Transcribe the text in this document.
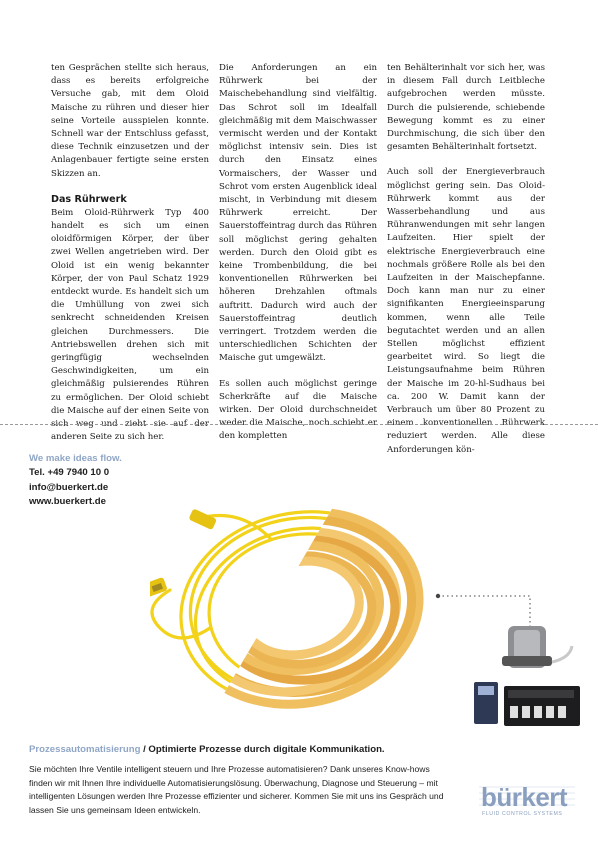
ten Gesprächen stellte sich heraus, dass es bereits erfolgreiche Versuche gab, mit dem Oloid Maische zu rühren und dieser hier seine Vorteile ausspielen konnte. Schnell war der Entschluss gefasst, diese Technik einzusetzen und der Anlagenbauer fertigte seine ersten Skizzen an.

Das Rührwerk

Beim Oloid-Rührwerk Typ 400 handelt es sich um einen oloidförmigen Körper, der über zwei Wellen angetrieben wird. Der Oloid ist ein wenig bekannter Körper, der von Paul Schatz 1929 entdeckt wurde. Es handelt sich um die Umhüllung von zwei sich senkrecht schneidenden Kreisen gleichen Durchmessers. Die Antriebswellen drehen sich mit geringfügig wechselnden Geschwindigkeiten, um ein gleichmäßig pulsierendes Rühren zu ermöglichen. Der Oloid schiebt die Maische auf der einen Seite von sich weg und zieht sie auf der anderen Seite zu sich her.

Die Anforderungen an ein Rührwerk bei der Maischebehandlung sind vielfältig. Das Schrot soll im Idealfall gleichmäßig mit dem Maischwasser vermischt werden und der Kontakt möglichst intensiv sein. Dies ist durch den Einsatz eines Vormaischers, der Wasser und Schrot vom ersten Augenblick ideal mischt, in Verbindung mit diesem Rührwerk erreicht. Der Sauerstoffeintrag durch das Rühren soll möglichst gering gehalten werden. Durch den Oloid gibt es keine Trombenbildung, die bei konventionellen Rührwerken bei höheren Drehzahlen oftmals auftritt. Dadurch wird auch der Sauerstoffeintrag deutlich verringert. Trotzdem werden die unterschiedlichen Schichten der Maische gut umgewälzt.

Es sollen auch möglichst geringe Scherkräfte auf die Maische wirken. Der Oloid durchschneidet weder die Maische, noch schiebt er den kompletten

ten Behälterinhalt vor sich her, was in diesem Fall durch Leitbleche aufgebrochen werden müsste. Durch die pulsierende, schiebende Bewegung kommt es zu einer Durchmischung, die sich über den gesamten Behälterinhalt fortsetzt.

Auch soll der Energieverbrauch möglichst gering sein. Das Oloid-Rührwerk kommt aus der Wasserbehandlung und aus Rühranwendungen mit sehr langen Laufzeiten. Hier spielt der elektrische Energieverbrauch eine nochmals größere Rolle als bei den Laufzeiten in der Maischepfanne. Doch kann man nur zu einer signifikanten Energieeinsparung kommen, wenn alle Teile begutachtet werden und an allen Stellen möglichst effizient gearbeitet wird. So liegt die Leistungsaufnahme beim Rühren der Maische im 20-hl-Sudhaus bei ca. 200 W. Damit kann der Verbrauch um über 80 Prozent zu einem konventionellen Rührwerk reduziert werden. Alle diese Anforderungen kön-

We make ideas flow.
Tel. +49 7940 10 0
info@buerkert.de
www.buerkert.de
Prozessautomatisierung / Optimierte Prozesse durch digitale Kommunikation.
Sie möchten Ihre Ventile intelligent steuern und Ihre Prozesse automatisieren? Dank unseres Know-hows finden wir mit Ihnen Ihre individuelle Automatisierungslösung. Überwachung, Diagnose und Steuerung – mit intelligenten Lösungen werden Ihre Prozesse effizienter und sicherer. Kommen Sie mit uns ins Gespräch und lassen Sie uns gemeinsam Ideen entwickeln.	bürkert
FLUID CONTROL SYSTEMS
